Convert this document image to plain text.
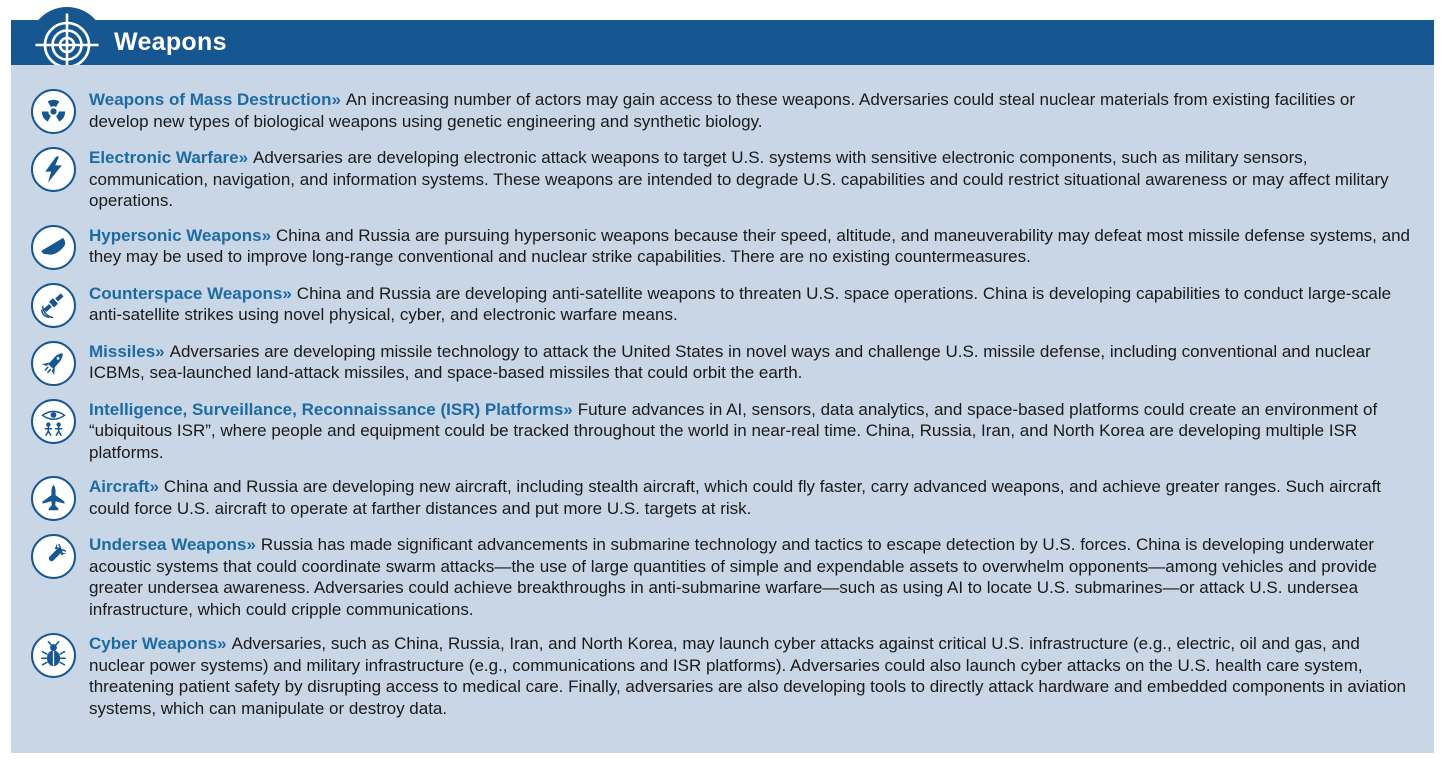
Weapons

Weapons of Mass Destruction» An increasing number of actors may gain access to these weapons. Adversaries could steal nuclear materials from existing facilities or develop new types of biological weapons using genetic engineering and synthetic biology.

Electronic Warfare» Adversaries are developing electronic attack weapons to target U.S. systems with sensitive electronic components, such as military sensors, communication, navigation, and information systems. These weapons are intended to degrade U.S. capabilities and could restrict situational awareness or may affect military operations.

Hypersonic Weapons» China and Russia are pursuing hypersonic weapons because their speed, altitude, and maneuverability may defeat most missile defense systems, and they may be used to improve long-range conventional and nuclear strike capabilities. There are no existing countermeasures.

Counterspace Weapons» China and Russia are developing anti-satellite weapons to threaten U.S. space operations. China is developing capabilities to conduct large-scale anti-satellite strikes using novel physical, cyber, and electronic warfare means.

Missiles» Adversaries are developing missile technology to attack the United States in novel ways and challenge U.S. missile defense, including conventional and nuclear ICBMs, sea-launched land-attack missiles, and space-based missiles that could orbit the earth.

Intelligence, Surveillance, Reconnaissance (ISR) Platforms» Future advances in AI, sensors, data analytics, and space-based platforms could create an environment of “ubiquitous ISR”, where people and equipment could be tracked throughout the world in near-real time. China, Russia, Iran, and North Korea are developing multiple ISR platforms.

Aircraft» China and Russia are developing new aircraft, including stealth aircraft, which could fly faster, carry advanced weapons, and achieve greater ranges. Such aircraft could force U.S. aircraft to operate at farther distances and put more U.S. targets at risk.

Undersea Weapons» Russia has made significant advancements in submarine technology and tactics to escape detection by U.S. forces. China is developing underwater acoustic systems that could coordinate swarm attacks—the use of large quantities of simple and expendable assets to overwhelm opponents—among vehicles and provide greater undersea awareness. Adversaries could achieve breakthroughs in anti-submarine warfare—such as using AI to locate U.S. submarines—or attack U.S. undersea infrastructure, which could cripple communications.

Cyber Weapons» Adversaries, such as China, Russia, Iran, and North Korea, may launch cyber attacks against critical U.S. infrastructure (e.g., electric, oil and gas, and nuclear power systems) and military infrastructure (e.g., communications and ISR platforms). Adversaries could also launch cyber attacks on the U.S. health care system, threatening patient safety by disrupting access to medical care. Finally, adversaries are also developing tools to directly attack hardware and embedded components in aviation systems, which can manipulate or destroy data.
